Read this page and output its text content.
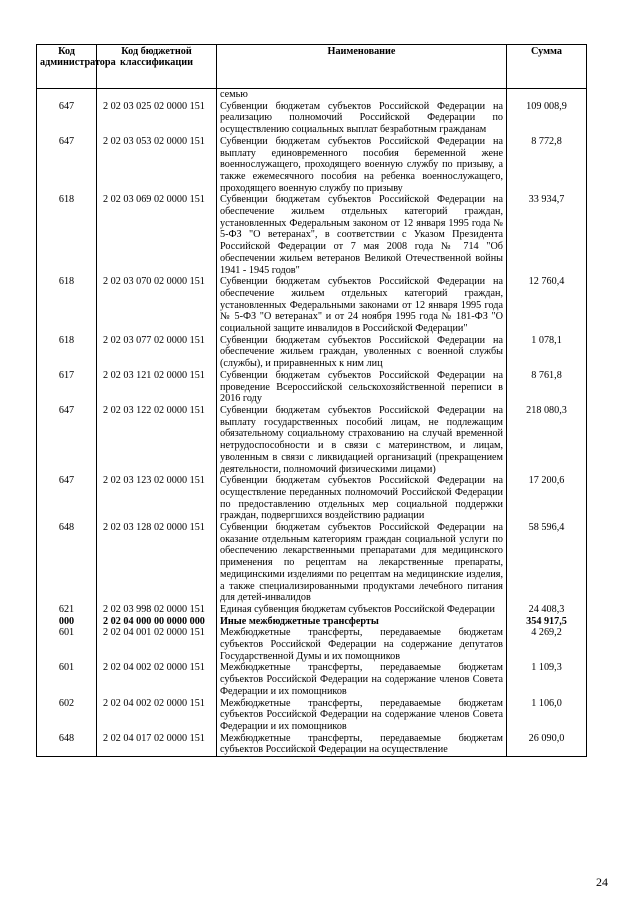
Код администратора	Код бюджетной классификации	Наименование	Сумма
		семью	
647	2 02 03 025 02 0000 151	Субвенции бюджетам субъектов Российской Федерации на реализацию полномочий Российской Федерации по осуществлению социальных выплат безработным гражданам	109 008,9
647	2 02 03 053 02 0000 151	Субвенции бюджетам субъектов Российской Федерации на выплату единовременного пособия беременной жене военнослужащего, проходящего военную службу по призыву, а также ежемесячного пособия на ребенка военнослужащего, проходящего военную службу по призыву	8 772,8
618	2 02 03 069 02 0000 151	Субвенции бюджетам субъектов Российской Федерации на обеспечение жильем отдельных категорий граждан, установленных Федеральным законом от 12 января 1995 года № 5-ФЗ "О ветеранах", в соответствии с Указом Президента Российской Федерации от 7 мая 2008 года № 714 "Об обеспечении жильем ветеранов Великой Отечественной войны 1941 - 1945 годов"	33 934,7
618	2 02 03 070 02 0000 151	Субвенции бюджетам субъектов Российской Федерации на обеспечение жильем отдельных категорий граждан, установленных Федеральными законами от 12 января 1995 года № 5-ФЗ "О ветеранах" и от 24 ноября 1995 года № 181-ФЗ "О социальной защите инвалидов в Российской Федерации"	12 760,4
618	2 02 03 077 02 0000 151	Субвенции бюджетам субъектов Российской Федерации на обеспечение жильем граждан, уволенных с военной службы (службы), и приравненных к ним лиц	1 078,1
617	2 02 03 121 02 0000 151	Субвенции бюджетам субъектов Российской Федерации на проведение Всероссийской сельскохозяйственной переписи в 2016 году	8 761,8
647	2 02 03 122 02 0000 151	Субвенции бюджетам субъектов Российской Федерации на выплату государственных пособий лицам, не подлежащим обязательному социальному страхованию на случай временной нетрудоспособности и в связи с материнством, и лицам, уволенным в связи с ликвидацией организаций (прекращением деятельности, полномочий физическими лицами)	218 080,3
647	2 02 03 123 02 0000 151	Субвенции бюджетам субъектов Российской Федерации на осуществление переданных полномочий Российской Федерации по предоставлению отдельных мер социальной поддержки граждан, подвергшихся воздействию радиации	17 200,6
648	2 02 03 128 02 0000 151	Субвенции бюджетам субъектов Российской Федерации на оказание отдельным категориям граждан социальной услуги по обеспечению лекарственными препаратами для медицинского применения по рецептам на лекарственные препараты, медицинскими изделиями по рецептам на медицинские изделия, а также специализированными продуктами лечебного питания для детей-инвалидов	58 596,4
621	2 02 03 998 02 0000 151	Единая субвенция бюджетам субъектов Российской Федерации	24 408,3
000	2 02 04 000 00 0000 000	Иные межбюджетные трансферты	354 917,5
601	2 02 04 001 02 0000 151	Межбюджетные трансферты, передаваемые бюджетам субъектов Российской Федерации на содержание депутатов Государственной Думы и их помощников	4 269,2
601	2 02 04 002 02 0000 151	Межбюджетные трансферты, передаваемые бюджетам субъектов Российской Федерации на содержание членов Совета Федерации и их помощников	1 109,3
602	2 02 04 002 02 0000 151	Межбюджетные трансферты, передаваемые бюджетам субъектов Российской Федерации на содержание членов Совета Федерации и их помощников	1 106,0
648	2 02 04 017 02 0000 151	Межбюджетные трансферты, передаваемые бюджетам субъектов Российской Федерации на осуществление	26 090,0
24
